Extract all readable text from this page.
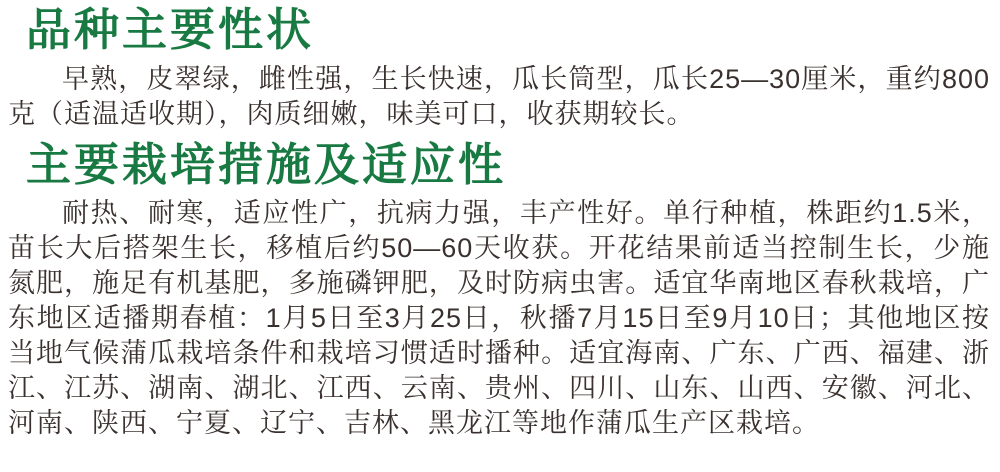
品种主要性状

早熟，皮翠绿，雌性强，生长快速，瓜长筒型，瓜长25—30厘米，重约800克（适温适收期），肉质细嫩，味美可口，收获期较长。

主要栽培措施及适应性

耐热、耐寒，适应性广，抗病力强，丰产性好。单行种植，株距约1.5米，苗长大后搭架生长，移植后约50—60天收获。开花结果前适当控制生长，少施氮肥，施足有机基肥，多施磷钾肥，及时防病虫害。适宜华南地区春秋栽培，广东地区适播期春植：1月5日至3月25日，秋播7月15日至9月10日；其他地区按当地气候蒲瓜栽培条件和栽培习惯适时播种。适宜海南、广东、广西、福建、浙江、江苏、湖南、湖北、江西、云南、贵州、四川、山东、山西、安徽、河北、河南、陕西、宁夏、辽宁、吉林、黑龙江等地作蒲瓜生产区栽培。
